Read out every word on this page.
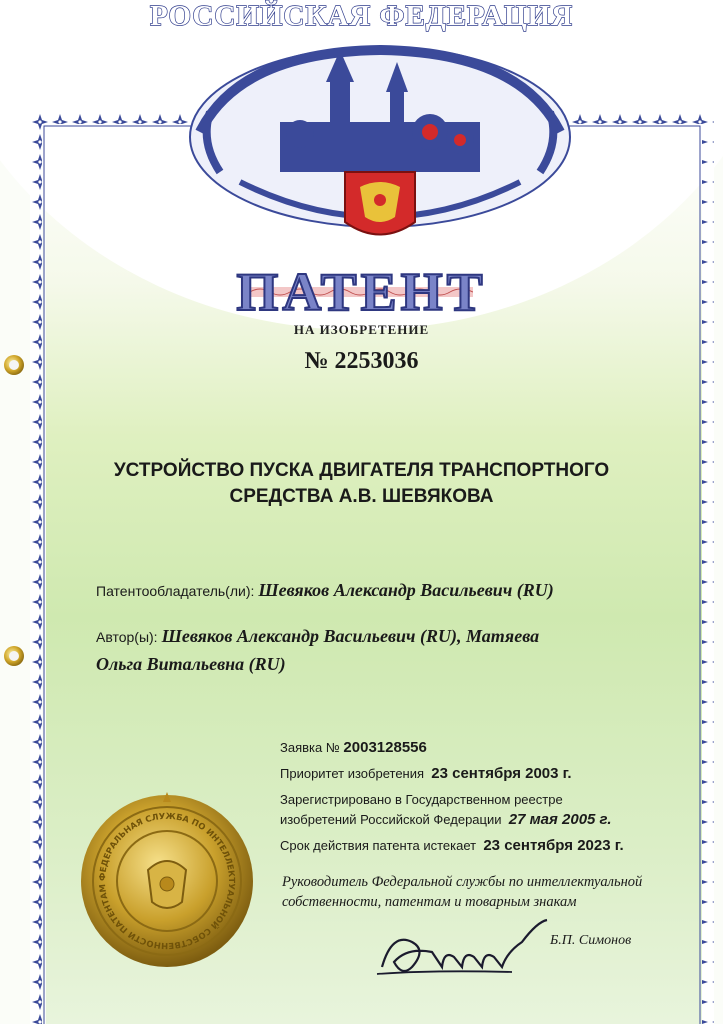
РОССИЙСКАЯ ФЕДЕРАЦИЯ
ПАТЕНТ
НА ИЗОБРЕТЕНИЕ
№ 2253036
УСТРОЙСТВО ПУСКА ДВИГАТЕЛЯ ТРАНСПОРТНОГО
СРЕДСТВА А.В. ШЕВЯКОВА
Патентообладатель(ли): Шевяков Александр Васильевич (RU)
Автор(ы): Шевяков Александр Васильевич (RU), Матяева
Ольга Витальевна (RU)
Заявка № 2003128556
Приоритет изобретения 23 сентября 2003 г.
Зарегистрировано в Государственном реестре
изобретений Российской Федерации 27 мая 2005 г.
Срок действия патента истекает 23 сентября 2023 г.
Руководитель Федеральной службы по интеллектуальной
собственности, патентам и товарным знакам
Б.П. Симонов
ФЕДЕРАЛЬНАЯ СЛУЖБА ПО ИНТЕЛЛЕКТУАЛЬНОЙ СОБСТВЕННОСТИ ПАТЕНТАМ
